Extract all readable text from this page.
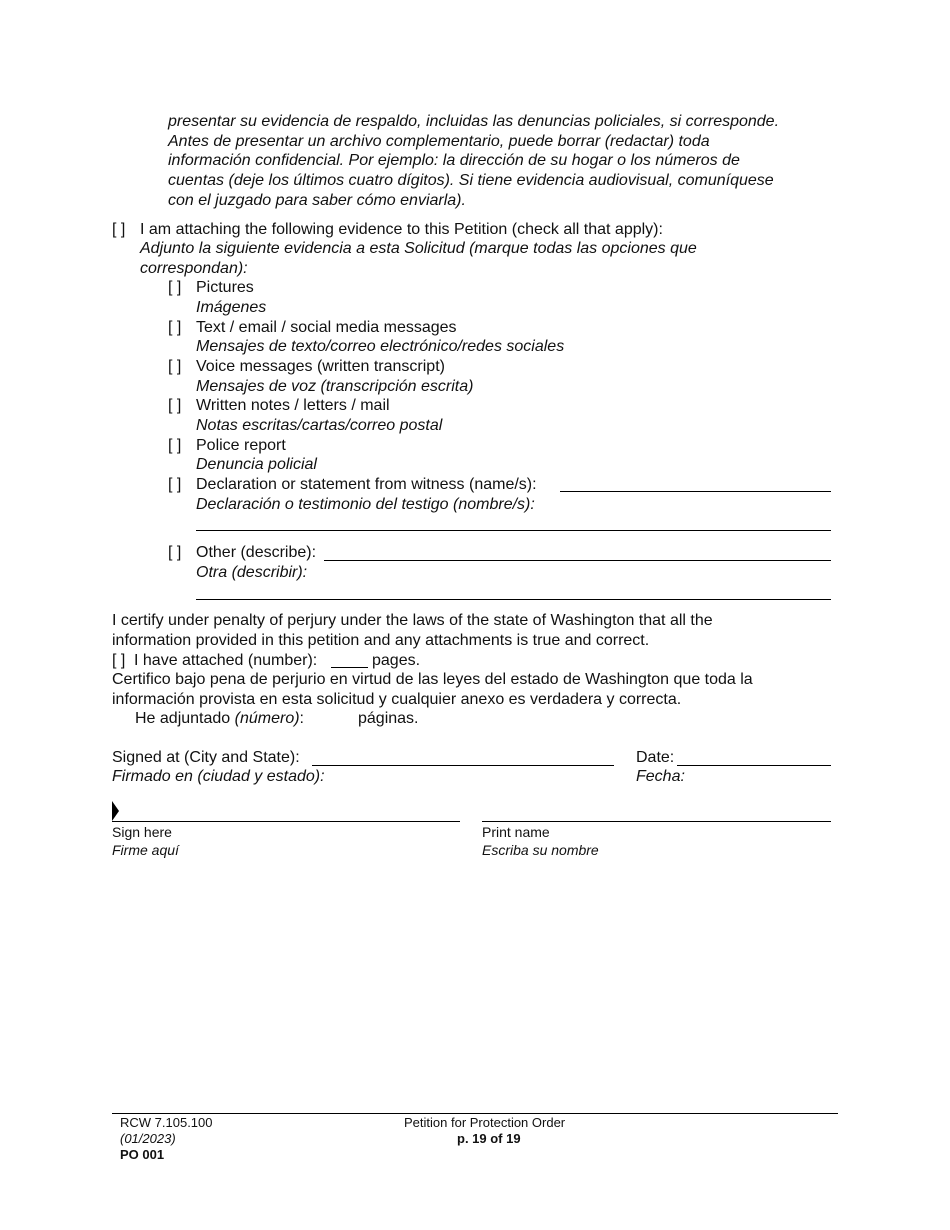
presentar su evidencia de respaldo, incluidas las denuncias policiales, si corresponde.
Antes de presentar un archivo complementario, puede borrar (redactar) toda
información confidencial. Por ejemplo: la dirección de su hogar o los números de
cuentas (deje los últimos cuatro dígitos). Si tiene evidencia audiovisual, comuníquese
con el juzgado para saber cómo enviarla).
[ ] I am attaching the following evidence to this Petition (check all that apply):
Adjunto la siguiente evidencia a esta Solicitud (marque todas las opciones que
correspondan):
[ ] Pictures
Imágenes
[ ] Text / email / social media messages
Mensajes de texto/correo electrónico/redes sociales
[ ] Voice messages (written transcript)
Mensajes de voz (transcripción escrita)
[ ] Written notes / letters / mail
Notas escritas/cartas/correo postal
[ ] Police report
Denuncia policial
[ ] Declaration or statement from witness (name/s):
Declaración o testimonio del testigo (nombre/s):
[ ] Other (describe):
Otra (describir):
I certify under penalty of perjury under the laws of the state of Washington that all the
information provided in this petition and any attachments is true and correct.
[ ] I have attached (number):	pages.
Certifico bajo pena de perjurio en virtud de las leyes del estado de Washington que toda la
información provista en esta solicitud y cualquier anexo es verdadera y correcta.
He adjuntado (número):	páginas.
Signed at (City and State):
Firmado en (ciudad y estado):
Date:
Fecha:
Sign here
Firme aquí
Print name
Escriba su nombre
RCW 7.105.100
(01/2023)
PO 001
Petition for Protection Order
p. 19 of 19
